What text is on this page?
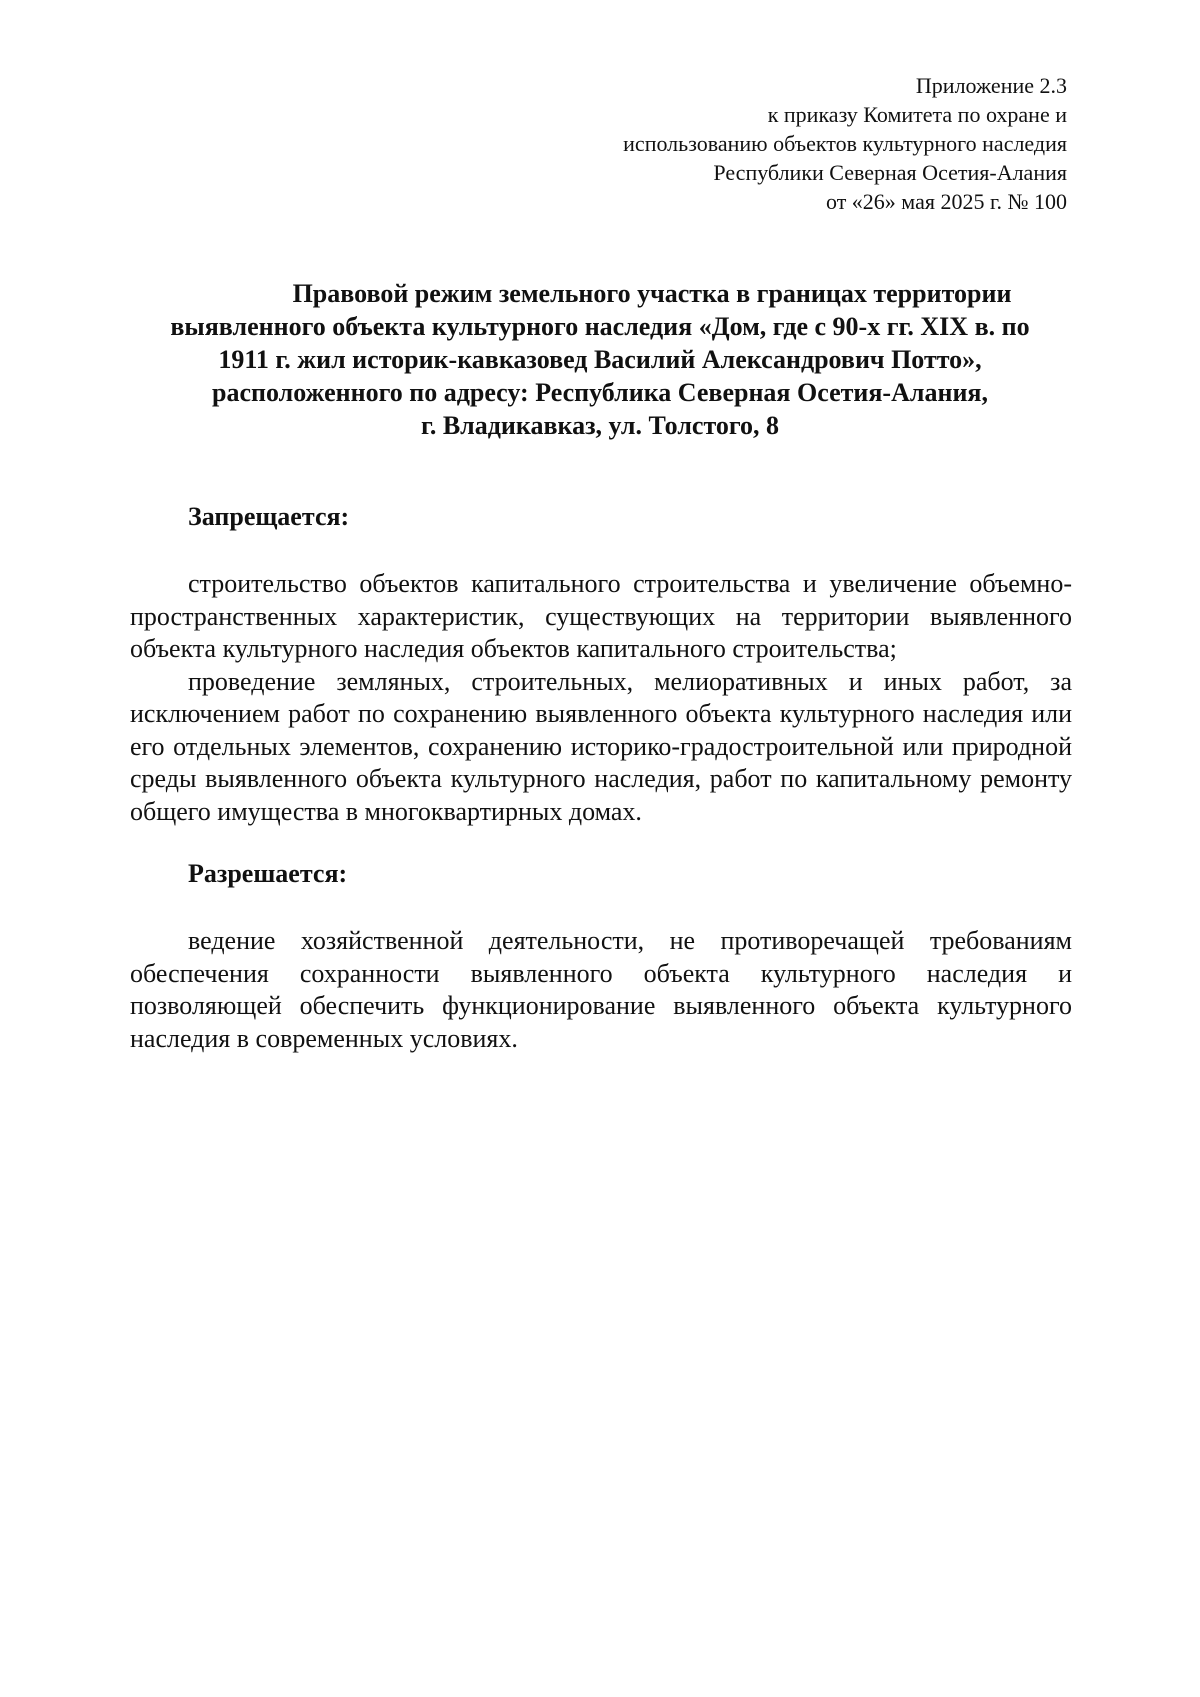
Приложение 2.3
к приказу Комитета по охране и
использованию объектов культурного наследия
Республики Северная Осетия-Алания
от «26» мая 2025 г. № 100
Правовой режим земельного участка в границах территории
выявленного объекта культурного наследия «Дом, где с 90-х гг. XIX в. по
1911 г. жил историк-кавказовед Василий Александрович Потто»,
расположенного по адресу: Республика Северная Осетия-Алания,
г. Владикавказ, ул. Толстого, 8
Запрещается:

строительство объектов капитального строительства и увеличение объемно-пространственных характеристик, существующих на территории выявленного объекта культурного наследия объектов капитального строительства;

проведение земляных, строительных, мелиоративных и иных работ, за исключением работ по сохранению выявленного объекта культурного наследия или его отдельных элементов, сохранению историко-градостроительной или природной среды выявленного объекта культурного наследия, работ по капитальному ремонту общего имущества в многоквартирных домах.

Разрешается:

ведение хозяйственной деятельности, не противоречащей требованиям обеспечения сохранности выявленного объекта культурного наследия и позволяющей обеспечить функционирование выявленного объекта культурного наследия в современных условиях.
